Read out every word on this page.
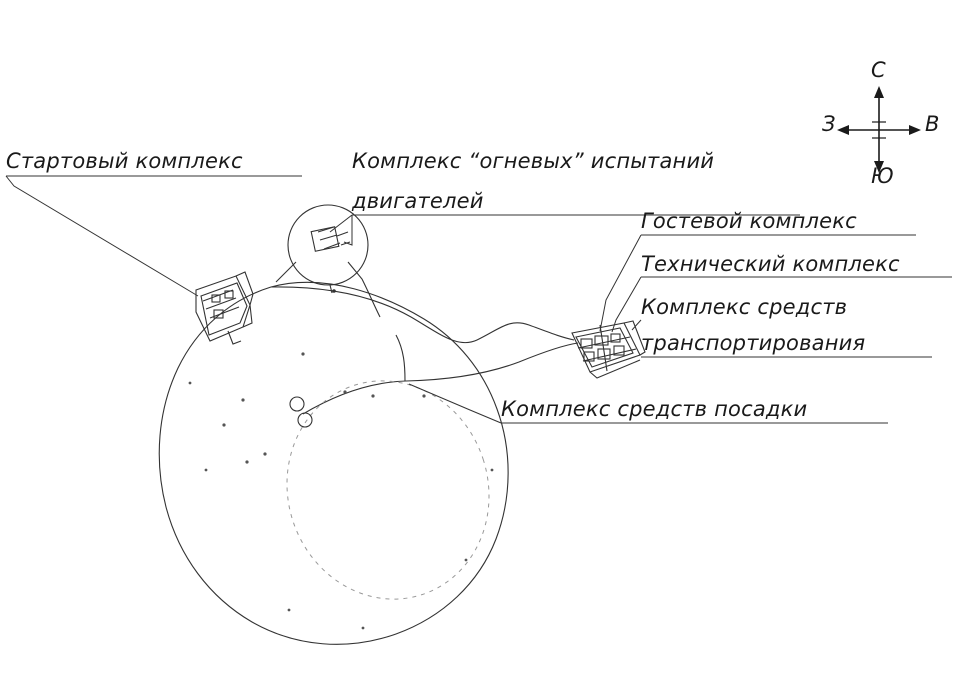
Стартовый комплекс	Комплекс “огневых” испытаний
двигателей
Гостевой комплекс
Технический комплекс
Комплекс средств
транспортирования
Комплекс средств посадки
С
Ю
З	В
